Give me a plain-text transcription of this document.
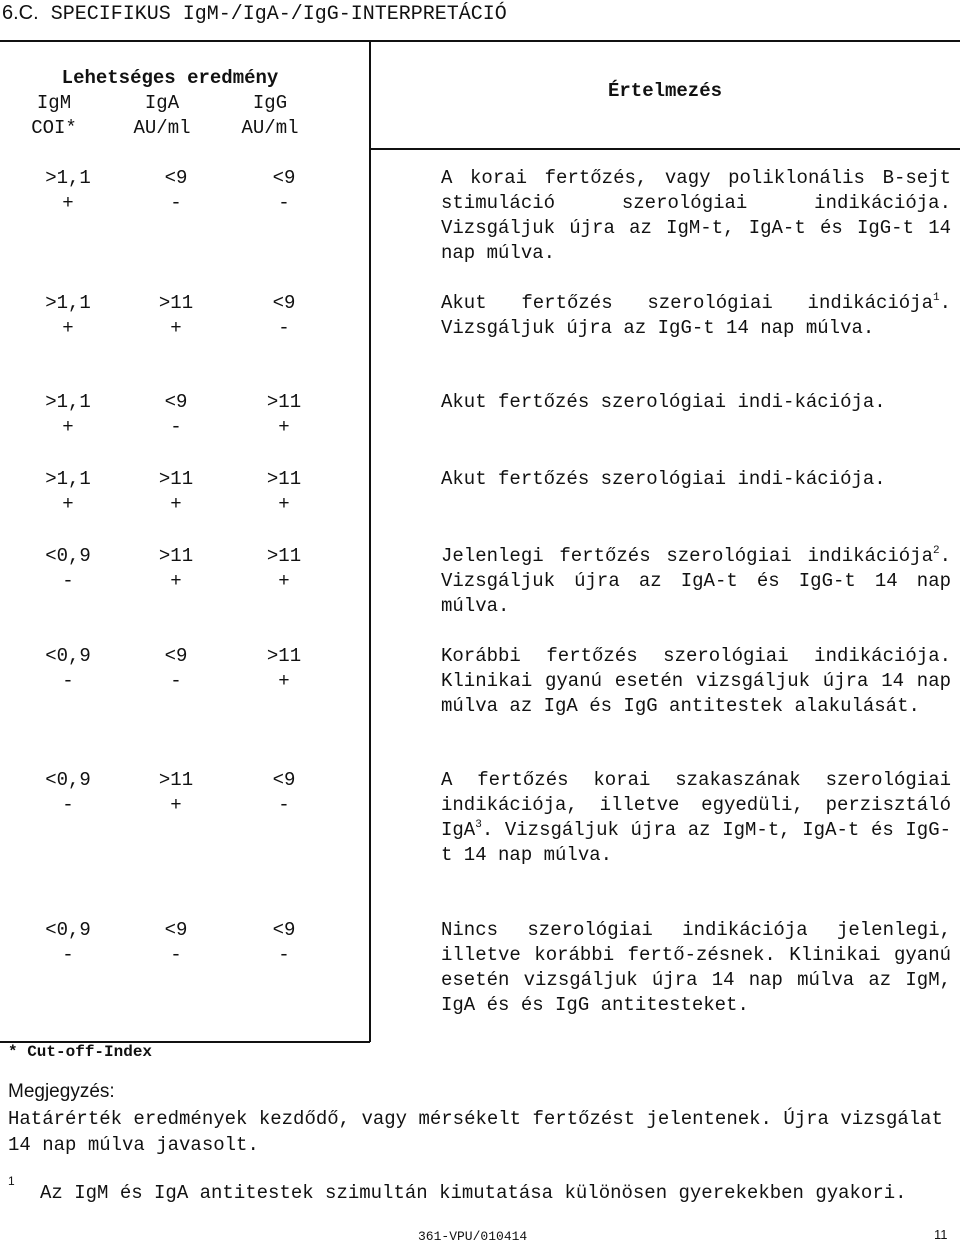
6.C. SPECIFIKUS IgM-/IgA-/IgG-INTERPRETÁCIÓ
Lehetséges eredmény
IgM	IgA	IgG
COI*	AU/ml	AU/ml
Értelmezés
>1,1	<9	<9
+	-	-
A korai fertőzés, vagy poliklonális B-sejt stimuláció szerológiai indikációja. Vizsgáljuk újra az IgM-t, IgA-t és IgG-t 14 nap múlva.
>1,1	>11	<9
+	+	-
Akut fertőzés szerológiai indikációja$^1$. Vizsgáljuk újra az IgG-t 14 nap múlva.
>1,1	<9	>11
+	-	+
Akut fertőzés szerológiai indi-kációja.
>1,1	>11	>11
+	+	+
Akut fertőzés szerológiai indi-kációja.
<0,9	>11	>11
-	+	+
Jelenlegi fertőzés szerológiai indikációja$^2$. Vizsgáljuk újra az IgA-t és IgG-t 14 nap múlva.
<0,9	<9	>11
-	-	+
Korábbi fertőzés szerológiai indikációja. Klinikai gyanú esetén vizsgáljuk újra 14 nap múlva az IgA és IgG antitestek alakulását.
<0,9	>11	<9
-	+	-
A fertőzés korai szakaszának szerológiai indikációja, illetve egyedüli, perzisztáló IgA$^3$. Vizsgáljuk újra az IgM-t, IgA-t és IgG-t 14 nap múlva.
<0,9	<9	<9
-	-	-
Nincs szerológiai indikációja jelenlegi, illetve korábbi fertő-zésnek. Klinikai gyanú esetén vizsgáljuk újra 14 nap múlva az IgM, IgA és és IgG antitesteket.
* Cut-off-Index
Megjegyzés:
Határérték eredmények kezdődő, vagy mérsékelt fertőzést jelentenek. Újra vizsgálat 14 nap múlva javasolt.
1
Az IgM és IgA antitestek szimultán kimutatása különösen gyerekekben gyakori.
361-VPU/010414	11
